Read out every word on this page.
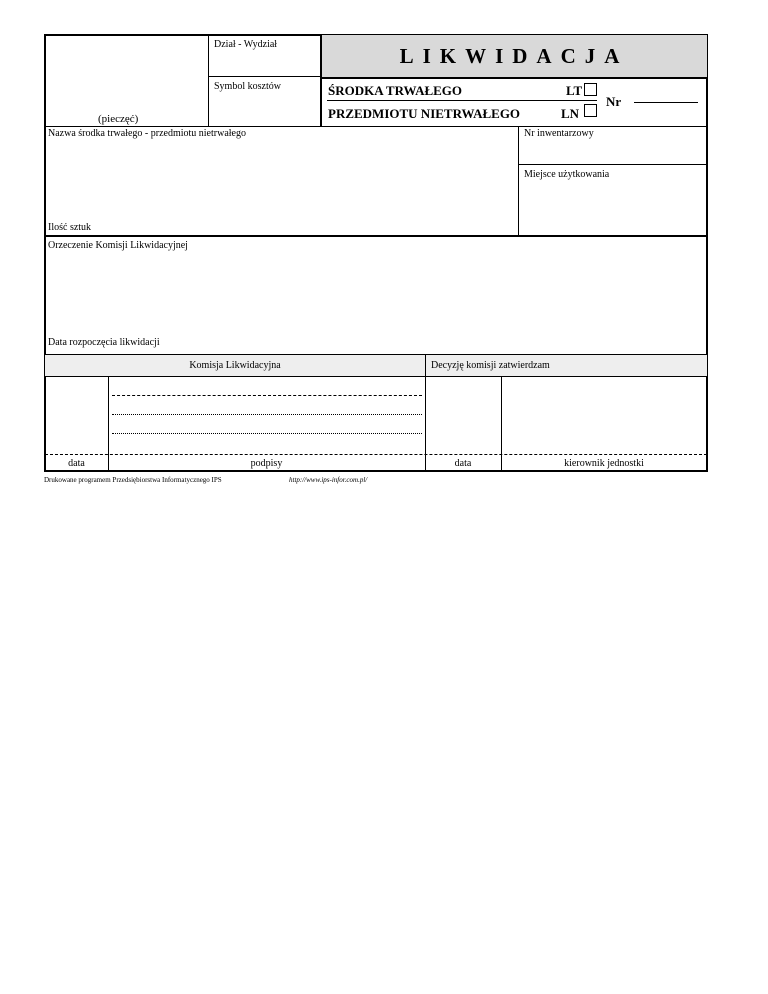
Dział - Wydział
Symbol kosztów
(pieczęć)
LIKWIDACJA
ŚRODKA TRWAŁEGO	LT
PRZEDMIOTU NIETRWAŁEGO	LN
Nr
Nazwa środka trwałego - przedmiotu nietrwałego	Nr inwentarzowy
Miejsce użytkowania
Ilość sztuk
Orzeczenie Komisji Likwidacyjnej
Data rozpoczęcia likwidacji
Komisja Likwidacyjna	Decyzję komisji zatwierdzam
data	podpisy	data	kierownik jednostki
Drukowane programem Przedsiębiorstwa Informatycznego IPS	http://www.ips-infor.com.pl/
